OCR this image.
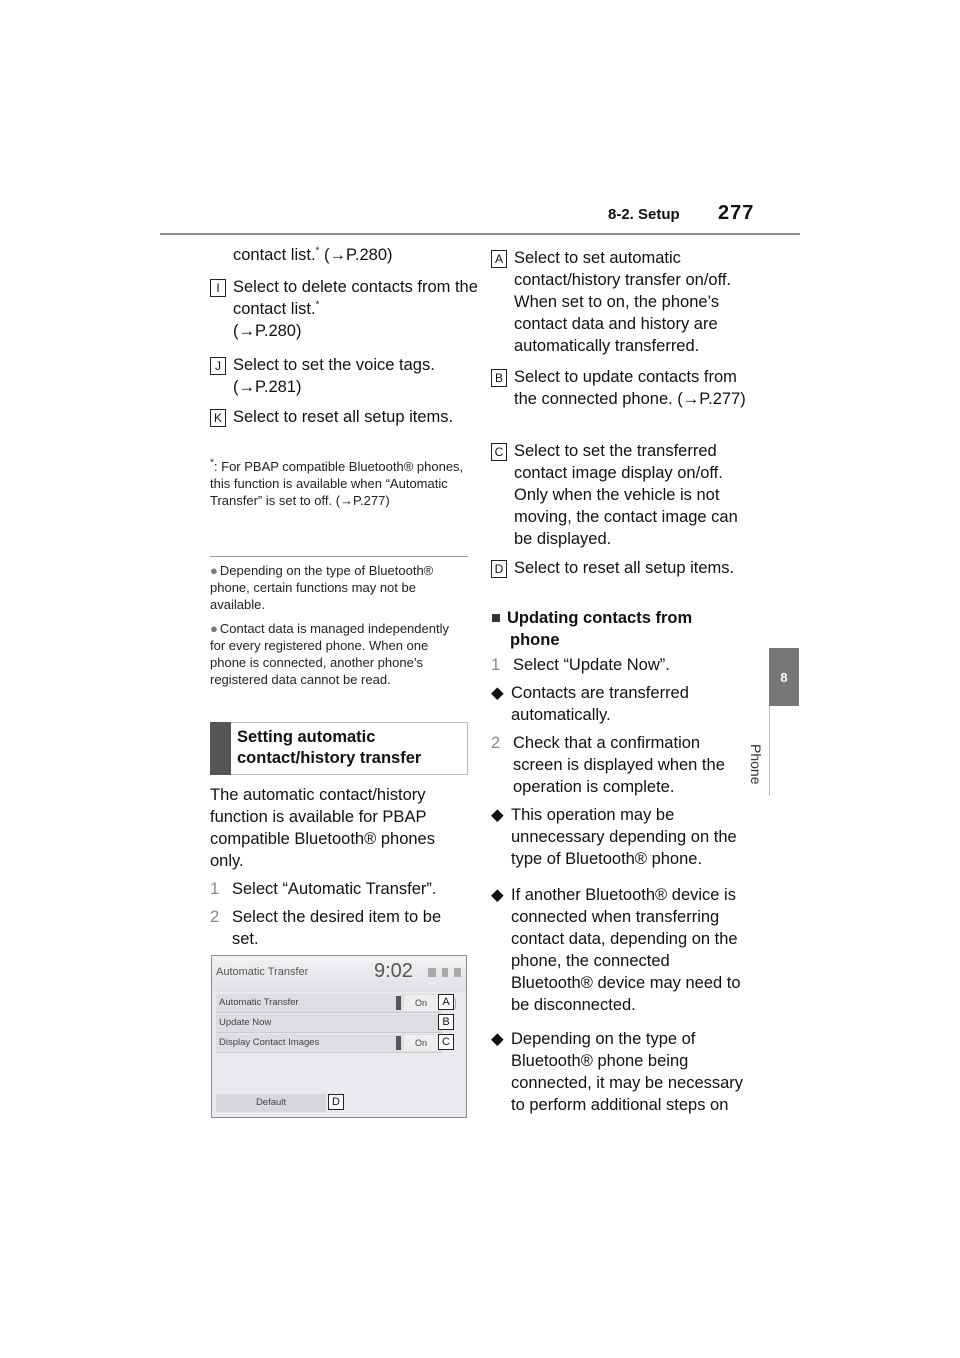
8-2. Setup 277
8
Phone
contact list.* (→P.280)
I Select to delete contacts from the contact list.*
(→P.280)
J Select to set the voice tags.
(→P.281)
K Select to reset all setup items.
*: For PBAP compatible Bluetooth® phones, this function is available when “Automatic Transfer” is set to off. (→P.277)
● Depending on the type of Bluetooth® phone, certain functions may not be available.
● Contact data is managed independently for every registered phone. When one phone is connected, another phone’s registered data cannot be read.
Setting automatic contact/history transfer
The automatic contact/history function is available for PBAP compatible Bluetooth® phones only.
1 Select “Automatic Transfer”.
2 Select the desired item to be set.
Automatic Transfer	9:02
Automatic Transfer	On
Update Now
Display Contact Images	On
Default
A
B
C
D
A Select to set automatic contact/history transfer on/off. When set to on, the phone’s contact data and history are automatically transferred.
B Select to update contacts from the connected phone. (→P.277)
C Select to set the transferred contact image display on/off. Only when the vehicle is not moving, the contact image can be displayed.
D Select to reset all setup items.
■ Updating contacts from phone
1 Select “Update Now”.
◆ Contacts are transferred automatically.
2 Check that a confirmation screen is displayed when the operation is complete.
◆ This operation may be unnecessary depending on the type of Bluetooth® phone.
◆ If another Bluetooth® device is connected when transferring contact data, depending on the phone, the connected Bluetooth® device may need to be disconnected.
◆ Depending on the type of Bluetooth® phone being connected, it may be necessary to perform additional steps on
